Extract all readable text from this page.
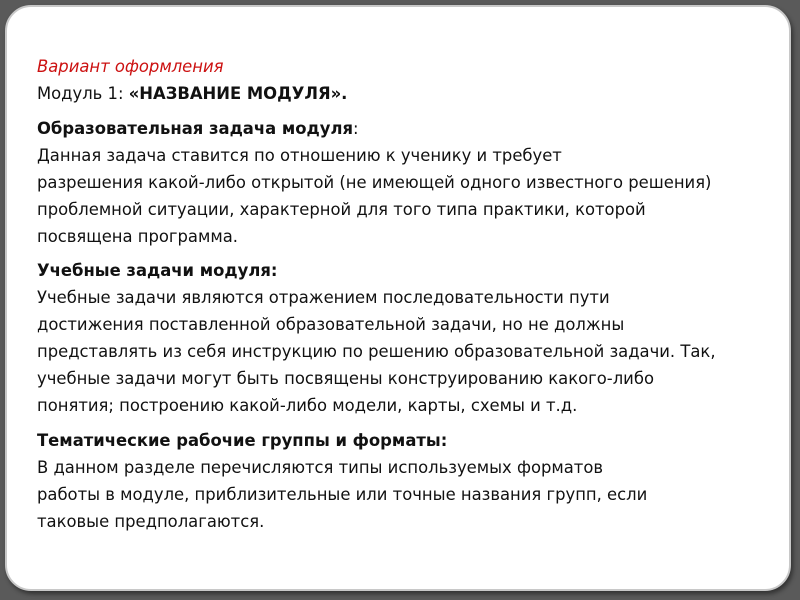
Вариант оформления
Модуль 1: «НАЗВАНИЕ МОДУЛЯ».
Образовательная задача модуля:
Данная задача ставится по отношению к ученику и требует
разрешения какой-либо открытой (не имеющей одного известного решения)
проблемной ситуации, характерной для того типа практики, которой
посвящена программа.
Учебные задачи модуля:
Учебные задачи являются отражением последовательности пути
достижения поставленной образовательной задачи, но не должны
представлять из себя инструкцию по решению образовательной задачи. Так,
учебные задачи могут быть посвящены конструированию какого-либо
понятия; построению какой-либо модели, карты, схемы и т.д.
Тематические рабочие группы и форматы:
В данном разделе перечисляются типы используемых форматов
работы в модуле, приблизительные или точные названия групп, если
таковые предполагаются.
